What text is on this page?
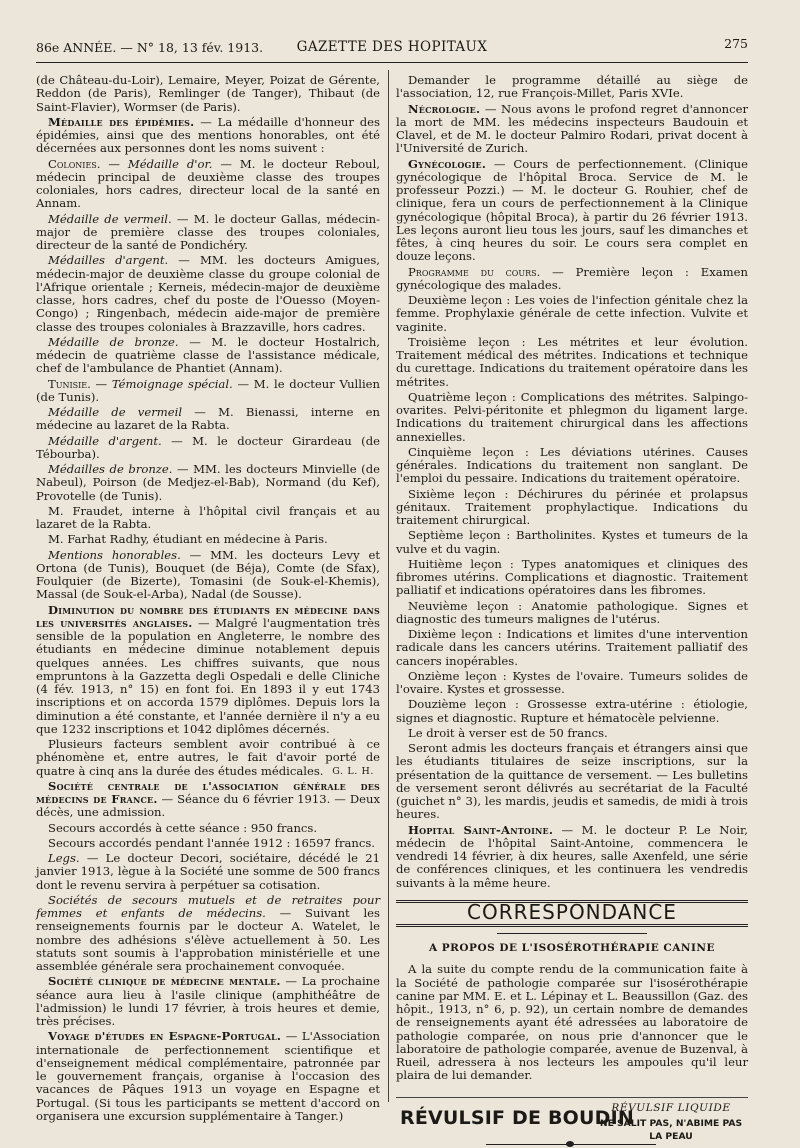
86e ANNÉE. — N° 18, 13 fév. 1913.	GAZETTE DES HOPITAUX	275

(de Château-du-Loir), Lemaire, Meyer, Poizat de Gérente, Reddon (de Paris), Remlinger (de Tanger), Thibaut (de Saint-Flavier), Wormser (de Paris).

Médaille des épidémies. — La médaille d'honneur des épidémies, ainsi que des mentions honorables, ont été décernées aux personnes dont les noms suivent :

Colonies. — Médaille d'or. — M. le docteur Reboul, médecin principal de deuxième classe des troupes coloniales, hors cadres, directeur local de la santé en Annam.

Médaille de vermeil. — M. le docteur Gallas, médecin-major de première classe des troupes coloniales, directeur de la santé de Pondichéry.

Médailles d'argent. — MM. les docteurs Amigues, médecin-major de deuxième classe du groupe colonial de l'Afrique orientale ; Kerneis, médecin-major de deuxième classe, hors cadres, chef du poste de l'Ouesso (Moyen-Congo) ; Ringenbach, médecin aide-major de première classe des troupes coloniales à Brazzaville, hors cadres.

Médaille de bronze. — M. le docteur Hostalrich, médecin de quatrième classe de l'assistance médicale, chef de l'ambulance de Phantiet (Annam).

Tunisie. — Témoignage spécial. — M. le docteur Vullien (de Tunis).

Médaille de vermeil — M. Bienassi, interne en médecine au lazaret de la Rabta.

Médaille d'argent. — M. le docteur Girardeau (de Tébourba).

Médailles de bronze. — MM. les docteurs Minvielle (de Nabeul), Poirson (de Medjez-el-Bab), Normand (du Kef), Provotelle (de Tunis).

M. Fraudet, interne à l'hôpital civil français et au lazaret de la Rabta.

M. Farhat Radhy, étudiant en médecine à Paris.

Mentions honorables. — MM. les docteurs Levy et Ortona (de Tunis), Bouquet (de Béja), Comte (de Sfax), Foulquier (de Bizerte), Tomasini (de Souk-el-Khemis), Massal (de Souk-el-Arba), Nadal (de Sousse).

Diminution du nombre des étudiants en médecine dans les universités anglaises. — Malgré l'augmentation très sensible de la population en Angleterre, le nombre des étudiants en médecine diminue notablement depuis quelques années. Les chiffres suivants, que nous empruntons à la Gazzetta degli Ospedali e delle Cliniche (4 fév. 1913, n° 15) en font foi. En 1893 il y eut 1743 inscriptions et on accorda 1579 diplômes. Depuis lors la diminution a été constante, et l'année dernière il n'y a eu que 1232 inscriptions et 1042 diplômes décernés.

Plusieurs facteurs semblent avoir contribué à ce phénomène et, entre autres, le fait d'avoir porté de quatre à cinq ans la durée des études médicales. G. L. H.

Société centrale de l'association générale des médecins de France. — Séance du 6 février 1913. — Deux décès, une admission.

Secours accordés à cette séance : 950 francs.

Secours accordés pendant l'année 1912 : 16597 francs.

Legs. — Le docteur Decori, sociétaire, décédé le 21 janvier 1913, lègue à la Société une somme de 500 francs dont le revenu servira à perpétuer sa cotisation.

Sociétés de secours mutuels et de retraites pour femmes et enfants de médecins. — Suivant les renseignements fournis par le docteur A. Watelet, le nombre des adhésions s'élève actuellement à 50. Les statuts sont soumis à l'approbation ministérielle et une assemblée générale sera prochainement convoquée.

Société clinique de médecine mentale. — La prochaine séance aura lieu à l'asile clinique (amphithéâtre de l'admission) le lundi 17 février, à trois heures et demie, très précises.

Voyage d'études en Espagne-Portugal. — L'Association internationale de perfectionnement scientifique et d'enseignement médical complémentaire, patronnée par le gouvernement français, organise à l'occasion des vacances de Pâques 1913 un voyage en Espagne et Portugal. (Si tous les participants se mettent d'accord on organisera une excursion supplémentaire à Tanger.)

Demander le programme détaillé au siège de l'association, 12, rue François-Millet, Paris XVIe.

Nécrologie. — Nous avons le profond regret d'annoncer la mort de MM. les médecins inspecteurs Baudouin et Clavel, et de M. le docteur Palmiro Rodari, privat docent à l'Université de Zurich.

Gynécologie. — Cours de perfectionnement. (Clinique gynécologique de l'hôpital Broca. Service de M. le professeur Pozzi.) — M. le docteur G. Rouhier, chef de clinique, fera un cours de perfectionnement à la Clinique gynécologique (hôpital Broca), à partir du 26 février 1913. Les leçons auront lieu tous les jours, sauf les dimanches et fêtes, à cinq heures du soir. Le cours sera complet en douze leçons.

Programme du cours. — Première leçon : Examen gynécologique des malades.

Deuxième leçon : Les voies de l'infection génitale chez la femme. Prophylaxie générale de cette infection. Vulvite et vaginite.

Troisième leçon : Les métrites et leur évolution. Traitement médical des métrites. Indications et technique du curettage. Indications du traitement opératoire dans les métrites.

Quatrième leçon : Complications des métrites. Salpingo-ovarites. Pelvi-péritonite et phlegmon du ligament large. Indications du traitement chirurgical dans les affections annexielles.

Cinquième leçon : Les déviations utérines. Causes générales. Indications du traitement non sanglant. De l'emploi du pessaire. Indications du traitement opératoire.

Sixième leçon : Déchirures du périnée et prolapsus génitaux. Traitement prophylactique. Indications du traitement chirurgical.

Septième leçon : Bartholinites. Kystes et tumeurs de la vulve et du vagin.

Huitième leçon : Types anatomiques et cliniques des fibromes utérins. Complications et diagnostic. Traitement palliatif et indications opératoires dans les fibromes.

Neuvième leçon : Anatomie pathologique. Signes et diagnostic des tumeurs malignes de l'utérus.

Dixième leçon : Indications et limites d'une intervention radicale dans les cancers utérins. Traitement palliatif des cancers inopérables.

Onzième leçon : Kystes de l'ovaire. Tumeurs solides de l'ovaire. Kystes et grossesse.

Douzième leçon : Grossesse extra-utérine : étiologie, signes et diagnostic. Rupture et hématocèle pelvienne.

Le droit à verser est de 50 francs.

Seront admis les docteurs français et étrangers ainsi que les étudiants titulaires de seize inscriptions, sur la présentation de la quittance de versement. — Les bulletins de versement seront délivrés au secrétariat de la Faculté (guichet n° 3), les mardis, jeudis et samedis, de midi à trois heures.

Hopital Saint-Antoine. — M. le docteur P. Le Noir, médecin de l'hôpital Saint-Antoine, commencera le vendredi 14 février, à dix heures, salle Axenfeld, une série de conférences cliniques, et les continuera les vendredis suivants à la même heure.

CORRESPONDANCE

A PROPOS DE L'ISOSÉROTHÉRAPIE CANINE

A la suite du compte rendu de la communication faite à la Société de pathologie comparée sur l'isosérothérapie canine par MM. E. et L. Lépinay et L. Beaussillon (Gaz. des hôpit., 1913, n° 6, p. 92), un certain nombre de demandes de renseignements ayant été adressées au laboratoire de pathologie comparée, on nous prie d'annoncer que le laboratoire de pathologie comparée, avenue de Buzenval, à Rueil, adressera à nos lecteurs les ampoules qu'il leur plaira de lui demander.

RÉVULSIF DE BOUDIN
RÉVULSIF LIQUIDE
NE SALIT PAS, N'ABIME PAS LA PEAU
